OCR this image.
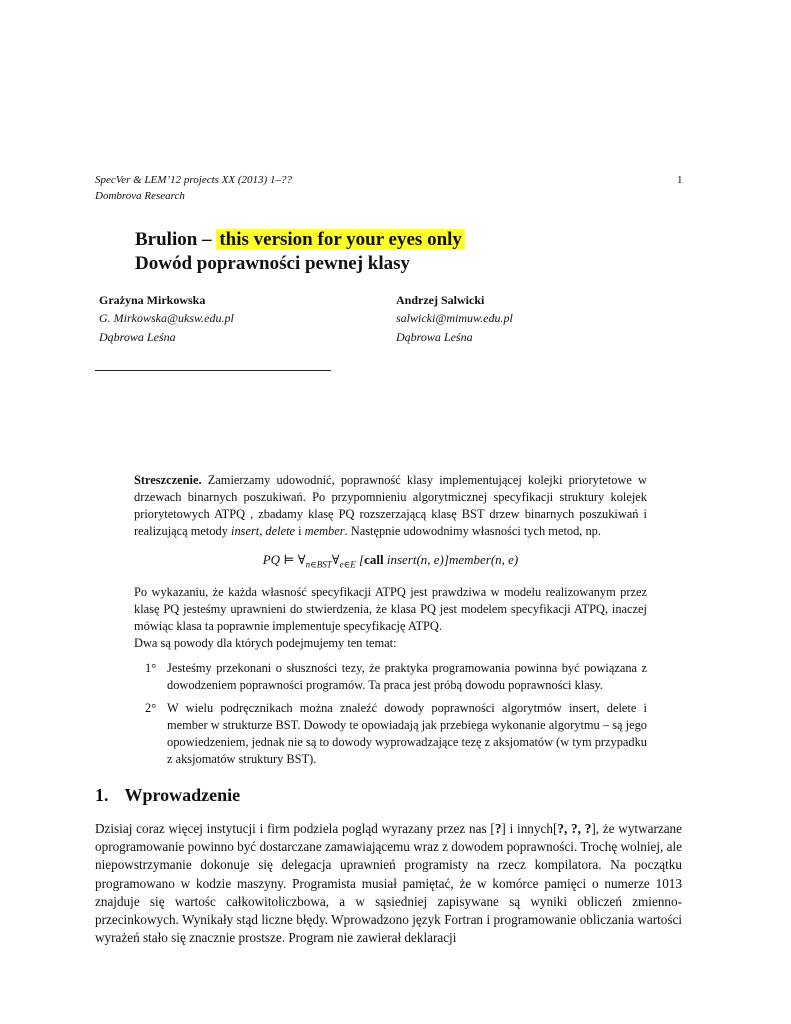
SpecVer & LEM’12 projects XX (2013) 1–??	1
Dombrova Research
Brulion – this version for your eyes only
Dowód poprawności pewnej klasy
Grażyna Mirkowska
G. Mirkowska@uksw.edu.pl
Dąbrowa Leśna
Andrzej Salwicki
salwicki@mimuw.edu.pl
Dąbrowa Leśna
Streszczenie. Zamierzamy udowodnić, poprawność klasy implementującej kolejki priorytetowe w drzewach binarnych poszukiwań. Po przypomnieniu algorytmicznej specyfikacji struktury kolejek priorytetowych ATPQ , zbadamy klasę PQ rozszerzającą klasę BST drzew binarnych poszukiwań i realizującą metody insert, delete i member. Następnie udowodnimy własności tych metod, np.
PQ ⊨ $\forall_{n\in BST}\forall_{e\in E}$ [call insert(n, e)]member(n, e)
Po wykazaniu, że każda własność specyfikacji ATPQ jest prawdziwa w modelu realizowanym przez klasę PQ jesteśmy uprawnieni do stwierdzenia, że klasa PQ jest modelem specyfikacji ATPQ, inaczej mówiąc klasa ta poprawnie implementuje specyfikację ATPQ.
Dwa są powody dla których podejmujemy ten temat:
1° Jesteśmy przekonani o słuszności tezy, że praktyka programowania powinna być powiązana z dowodzeniem poprawności programów. Ta praca jest próbą dowodu poprawności klasy.
2° W wielu podręcznikach można znaleźć dowody poprawności algorytmów insert, delete i member w strukturze BST. Dowody te opowiadają jak przebiega wykonanie algorytmu – są jego opowiedzeniem, jednak nie są to dowody wyprowadzające tezę z aksjomatów (w tym przypadku z aksjomatów struktury BST).
1. Wprowadzenie
Dzisiaj coraz więcej instytucji i firm podziela pogląd wyrazany przez nas [?] i innych[?, ?, ?], że wytwarzane oprogramowanie powinno być dostarczane zamawiającemu wraz z dowodem poprawności. Trochę wolniej, ale niepowstrzymanie dokonuje się delegacja uprawnień programisty na rzecz kompilatora. Na początku programowano w kodzie maszyny. Programista musiał pamiętać, że w komórce pamięci o numerze 1013 znajduje się wartośc całkowitoliczbowa, a w sąsiedniej zapisywane są wyniki obliczeń zmienno-przecinkowych. Wynikały stąd liczne błędy. Wprowadzono język Fortran i programowanie obliczania wartości wyrażeń stało się znacznie prostsze. Program nie zawierał deklaracji
